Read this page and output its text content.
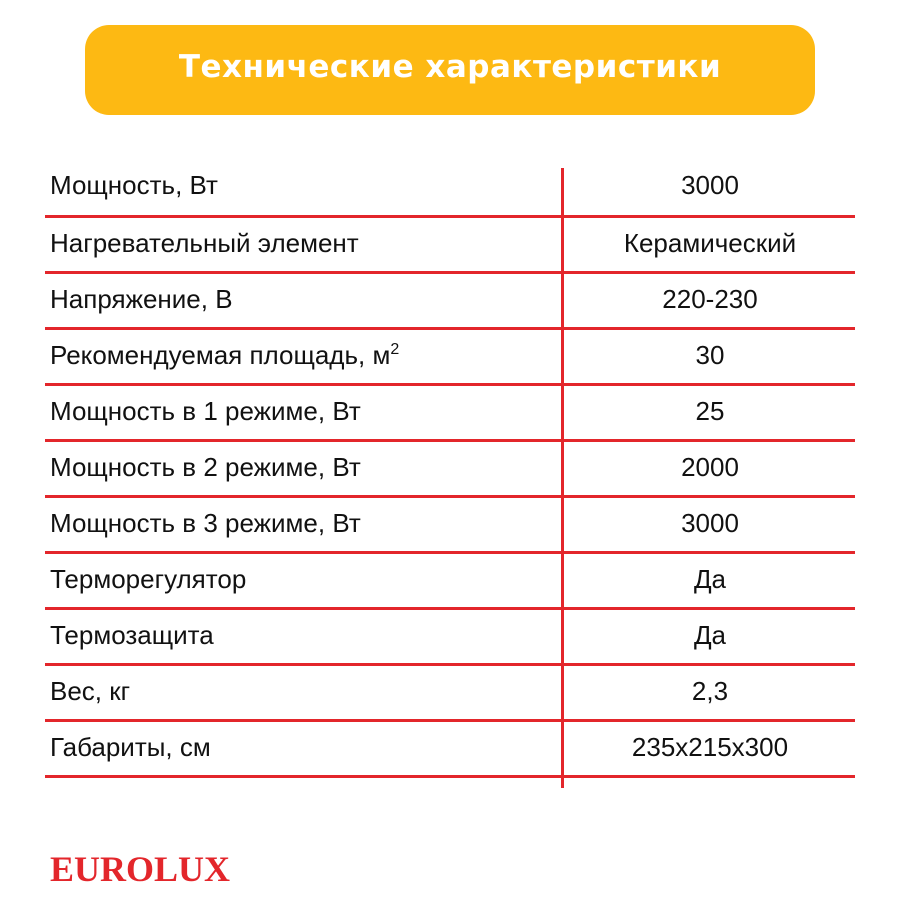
Технические характеристики
Мощность, Вт	3000
Нагревательный элемент	Керамический
Напряжение, В	220-230
Рекомендуемая площадь, $м^2$	30
Мощность в 1 режиме, Вт	25
Мощность в 2 режиме, Вт	2000
Мощность в 3 режиме, Вт	3000
Терморегулятор	Да
Термозащита	Да
Вес, кг	2,3
Габариты, см	235x215x300
EUROLUX
